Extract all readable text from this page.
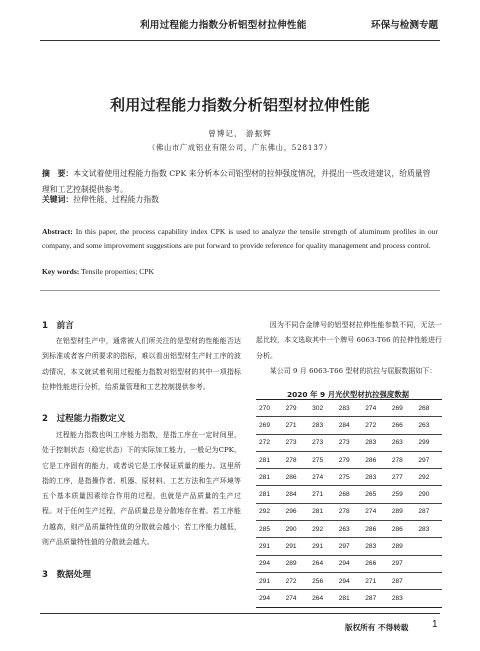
利用过程能力指数分析铝型材拉伸性能	环保与检测专题
利用过程能力指数分析铝型材拉伸性能
曾博记， 游振辉
（佛山市广成铝业有限公司，广东佛山，528137）
摘　要：本文试着使用过程能力指数 CPK 来分析本公司铝型材的拉伸强度情况，并提出一些改进建议，给质量管理和工艺控制提供参考。
关键词：拉伸性能、过程能力指数
Abstract: In this paper, the process capability index CPK is used to analyze the tensile strength of aluminum profiles in our company, and some improvement suggestions are put forward to provide reference for quality management and process control.
Key words: Tensile properties; CPK
1　前言
在铝型材生产中，通常被人们所关注的是型材的性能能否达到标准或者客户所要求的指标，难以看出铝型材生产时工序的波动情况，本文就试着利用过程能力指数对铝型材的其中一项指标拉伸性能进行分析，给质量管理和工艺控制提供参考。
2　过程能力指数定义
过程能力指数也叫工序能力指数，是指工序在一定时间里，处于控制状态（稳定状态）下的实际加工能力，一般记为CPK。它是工序固有的能力，或者说它是工序保证质量的能力。这里所指的工序，是指操作者、机器、原材料、工艺方法和生产环境等五个基本质量因素综合作用的过程，也就是产品质量的生产过程。对于任何生产过程，产品质量总是分散地存在着。若工序能力越高，则产品质量特性值的分散就会越小；若工序能力越低，则产品质量特性值的分散就会越大。
3　数据处理
因为不同合金牌号的铝型材拉伸性能参数不同，无法一起比较，本文选取其中一个牌号 6063-T66 的拉伸性能进行分析。
某公司 9 月 6063-T66 型材的抗拉与屈服数据如下：
2020 年 9 月光伏型材抗拉强度数据
270	279	302	283	274	269	268
269	271	283	284	272	266	263
272	273	273	273	283	263	299
281	278	275	279	286	278	297
281	286	274	275	283	277	292
281	284	271	268	265	259	290
292	296	281	278	274	289	287
285	290	292	263	286	286	283
291	291	291	297	283	289	
294	289	264	294	266	297	
291	272	256	294	271	287	
294	274	264	281	287	283	
版权所有 不得转载 1
